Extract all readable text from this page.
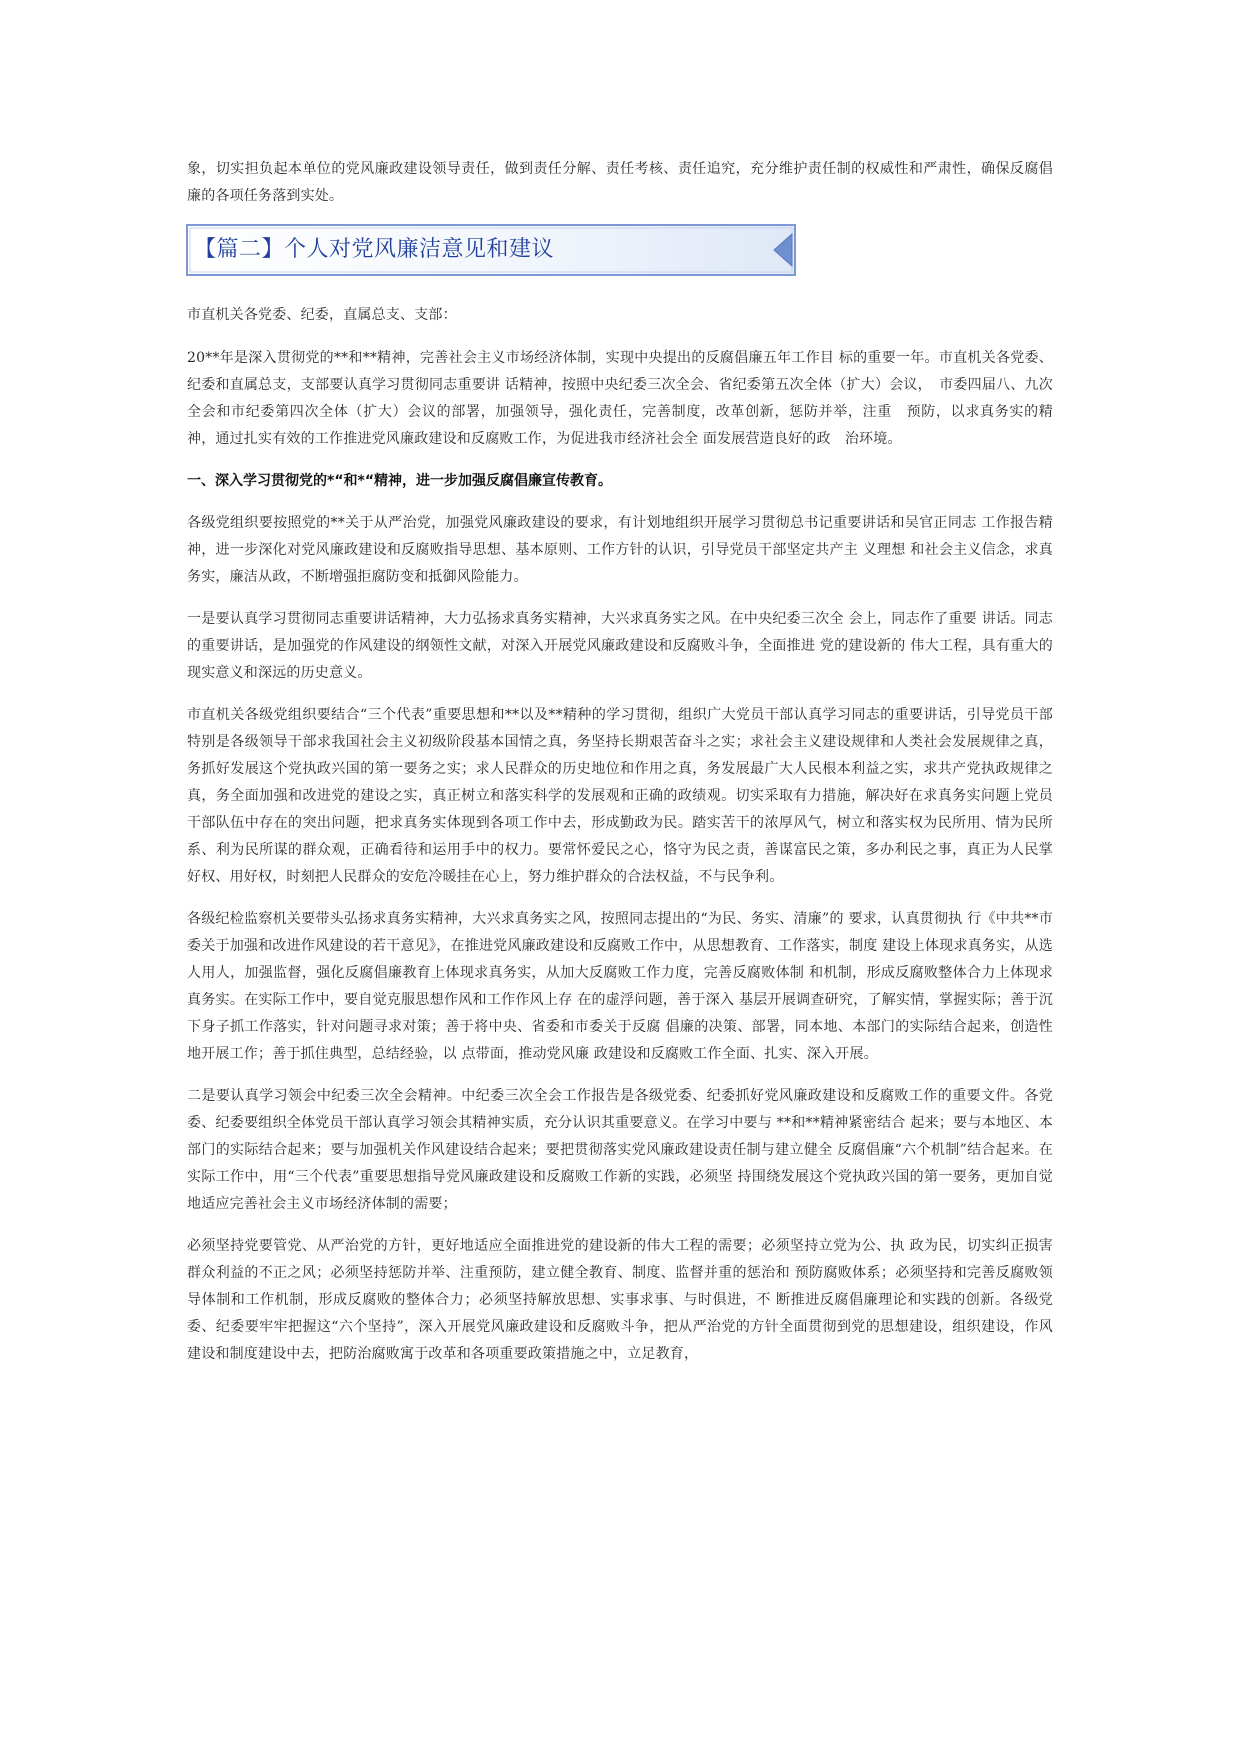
象，切实担负起本单位的党风廉政建设领导责任，做到责任分解、责任考核、责任追究，充分维护责任制的权威性和严肃性，确保反腐倡廉的各项任务落到实处。

【篇二】个人对党风廉洁意见和建议

市直机关各党委、纪委，直属总支、支部：

20**年是深入贯彻党的**和**精神，完善社会主义市场经济体制，实现中央提出的反腐倡廉五年工作目 标的重要一年。市直机关各党委、纪委和直属总支，支部要认真学习贯彻同志重要讲 话精神，按照中央纪委三次全会、省纪委第五次全体（扩大）会议，　市委四届八、九次全会和市纪委第四次全体（扩大）会议的部署，加强领导，强化责任，完善制度，改革创新，惩防并举，注重　预防，以求真务实的精神，通过扎实有效的工作推进党风廉政建设和反腐败工作，为促进我市经济社会全 面发展营造良好的政　治环境。

一、深入学习贯彻党的*“和*“精神，进一步加强反腐倡廉宣传教育。

各级党组织要按照党的**关于从严治党，加强党风廉政建设的要求，有计划地组织开展学习贯彻总书记重要讲话和吴官正同志 工作报告精神，进一步深化对党风廉政建设和反腐败指导思想、基本原则、工作方针的认识，引导党员干部坚定共产主 义理想 和社会主义信念，求真务实，廉洁从政，不断增强拒腐防变和抵御风险能力。

一是要认真学习贯彻同志重要讲话精神，大力弘扬求真务实精神，大兴求真务实之风。在中央纪委三次全 会上，同志作了重要 讲话。同志的重要讲话，是加强党的作风建设的纲领性文献，对深入开展党风廉政建设和反腐败斗争，全面推进 党的建设新的 伟大工程，具有重大的现实意义和深远的历史意义。

市直机关各级党组织要结合“三个代表”重要思想和**以及**精种的学习贯彻，组织广大党员干部认真学习同志的重要讲话，引导党员干部特别是各级领导干部求我国社会主义初级阶段基本国情之真，务坚持长期艰苦奋斗之实；求社会主义建设规律和人类社会发展规律之真，务抓好发展这个党执政兴国的第一要务之实；求人民群众的历史地位和作用之真，务发展最广大人民根本利益之实，求共产党执政规律之真，务全面加强和改进党的建设之实，真正树立和落实科学的发展观和正确的政绩观。切实采取有力措施，解决好在求真务实问题上党员干部队伍中存在的突出问题，把求真务实体现到各项工作中去，形成勤政为民。踏实苦干的浓厚风气，树立和落实权为民所用、情为民所系、利为民所谋的群众观，正确看待和运用手中的权力。要常怀爱民之心，恪守为民之责，善谋富民之策，多办利民之事，真正为人民掌好权、用好权，时刻把人民群众的安危冷暖挂在心上，努力维护群众的合法权益，不与民争利。

各级纪检监察机关要带头弘扬求真务实精神，大兴求真务实之风，按照同志提出的“为民、务实、清廉”的 要求，认真贯彻执 行《中共**市委关于加强和改进作风建设的若干意见》，在推进党风廉政建设和反腐败工作中，从思想教育、工作落实，制度 建设上体现求真务实，从选人用人，加强监督，强化反腐倡廉教育上体现求真务实，从加大反腐败工作力度，完善反腐败体制 和机制，形成反腐败整体合力上体现求真务实。在实际工作中，要自觉克服思想作风和工作作风上存 在的虚浮问题，善于深入 基层开展调查研究，了解实情，掌握实际；善于沉下身子抓工作落实，针对问题寻求对策；善于将中央、省委和市委关于反腐 倡廉的决策、部署，同本地、本部门的实际结合起来，创造性地开展工作；善于抓住典型，总结经验，以 点带面，推动党风廉 政建设和反腐败工作全面、扎实、深入开展。

二是要认真学习领会中纪委三次全会精神。中纪委三次全会工作报告是各级党委、纪委抓好党风廉政建设和反腐败工作的重要文件。各党委、纪委要组织全体党员干部认真学习领会其精神实质，充分认识其重要意义。在学习中要与 **和**精神紧密结合 起来；要与本地区、本部门的实际结合起来；要与加强机关作风建设结合起来；要把贯彻落实党风廉政建设责任制与建立健全 反腐倡廉“六个机制”结合起来。在实际工作中，用“三个代表”重要思想指导党风廉政建设和反腐败工作新的实践，必须坚 持围绕发展这个党执政兴国的第一要务，更加自觉地适应完善社会主义市场经济体制的需要；

必须坚持党要管党、从严治党的方针，更好地适应全面推进党的建设新的伟大工程的需要；必须坚持立党为公、执 政为民，切实纠正损害群众利益的不正之风；必须坚持惩防并举、注重预防，建立健全教育、制度、监督并重的惩治和 预防腐败体系；必须坚持和完善反腐败领导体制和工作机制，形成反腐败的整体合力；必须坚持解放思想、实事求事、与时俱进，不 断推进反腐倡廉理论和实践的创新。各级党委、纪委要牢牢把握这“六个坚持”，深入开展党风廉政建设和反腐败斗争，把从严治党的方针全面贯彻到党的思想建设，组织建设，作风建设和制度建设中去，把防治腐败寓于改革和各项重要政策措施之中，立足教育，
